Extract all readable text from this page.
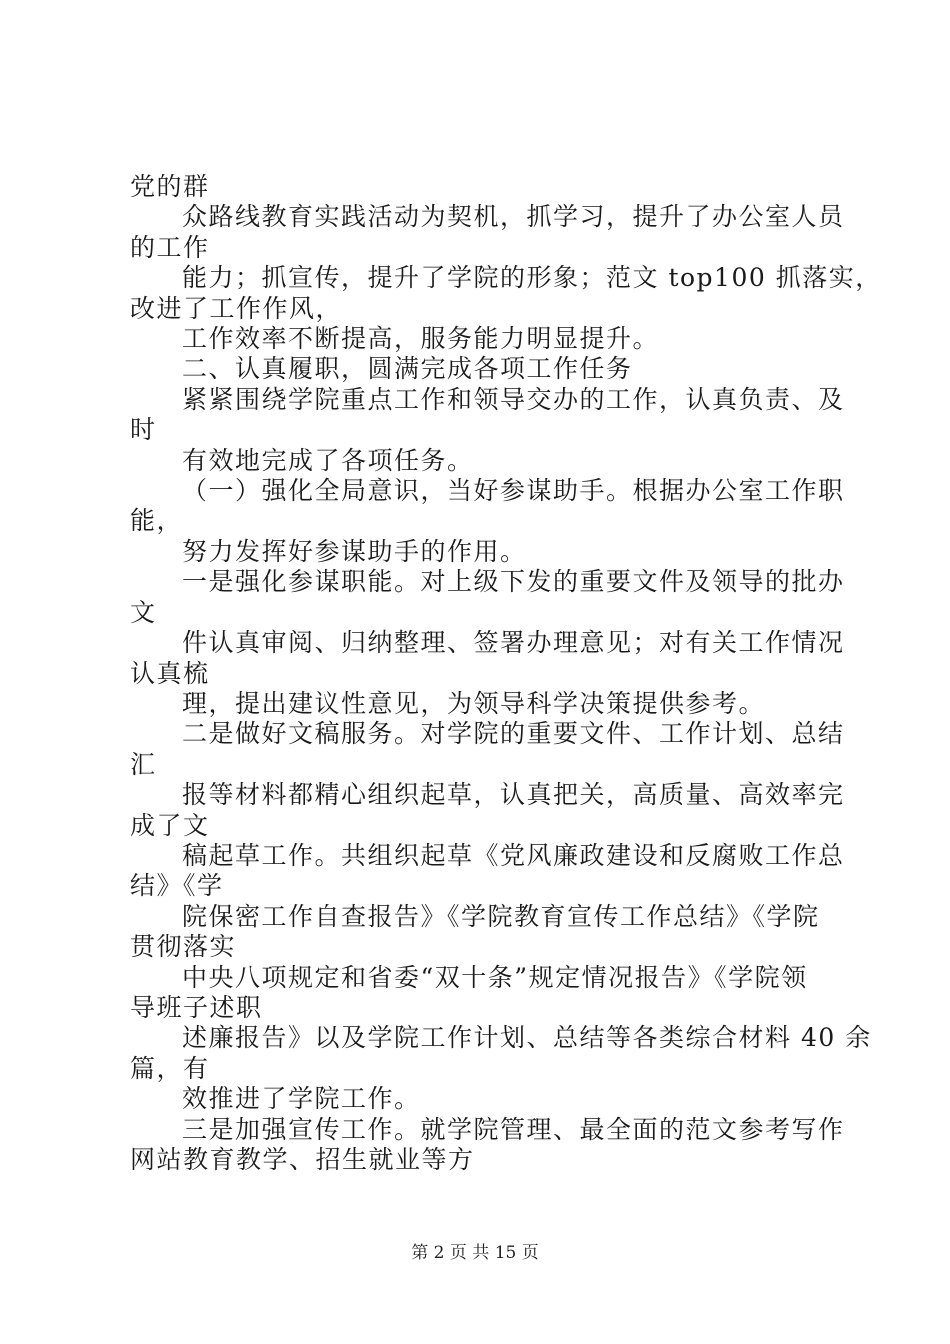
党的群
众路线教育实践活动为契机，抓学习，提升了办公室人员
的工作
能力；抓宣传，提升了学院的形象；范文 top100 抓落实，
改进了工作作风，
工作效率不断提高，服务能力明显提升。
二、认真履职，圆满完成各项工作任务
紧紧围绕学院重点工作和领导交办的工作，认真负责、及
时
有效地完成了各项任务。
（一）强化全局意识，当好参谋助手。根据办公室工作职
能，
努力发挥好参谋助手的作用。
一是强化参谋职能。对上级下发的重要文件及领导的批办
文
件认真审阅、归纳整理、签署办理意见；对有关工作情况
认真梳
理，提出建议性意见，为领导科学决策提供参考。
二是做好文稿服务。对学院的重要文件、工作计划、总结
汇
报等材料都精心组织起草，认真把关，高质量、高效率完
成了文
稿起草工作。共组织起草《党风廉政建设和反腐败工作总
结》《学
院保密工作自查报告》《学院教育宣传工作总结》《学院
贯彻落实
中央八项规定和省委“双十条”规定情况报告》《学院领
导班子述职
述廉报告》以及学院工作计划、总结等各类综合材料 40 余
篇，有
效推进了学院工作。
三是加强宣传工作。就学院管理、最全面的范文参考写作
网站教育教学、招生就业等方
第 2 页 共 15 页
